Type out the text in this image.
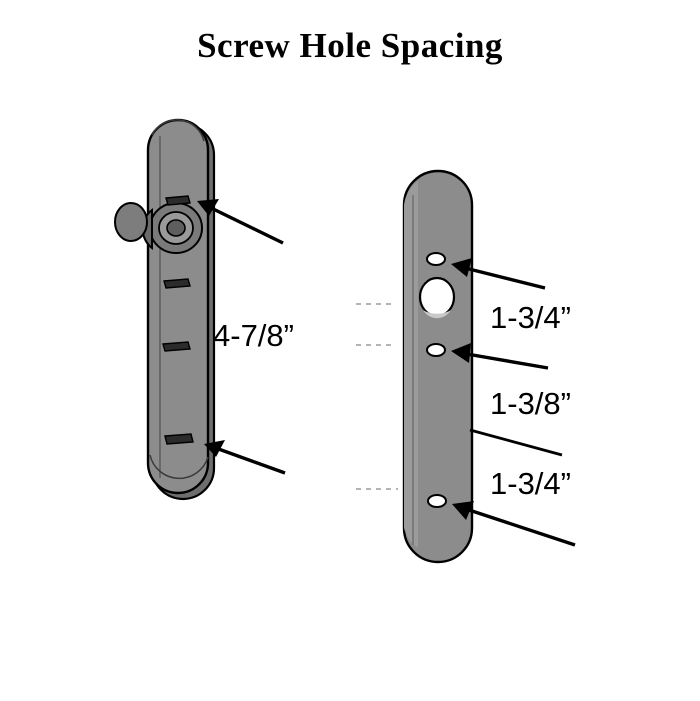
Screw Hole Spacing
4-7/8”
1-3/4”
1-3/8”
1-3/4”
